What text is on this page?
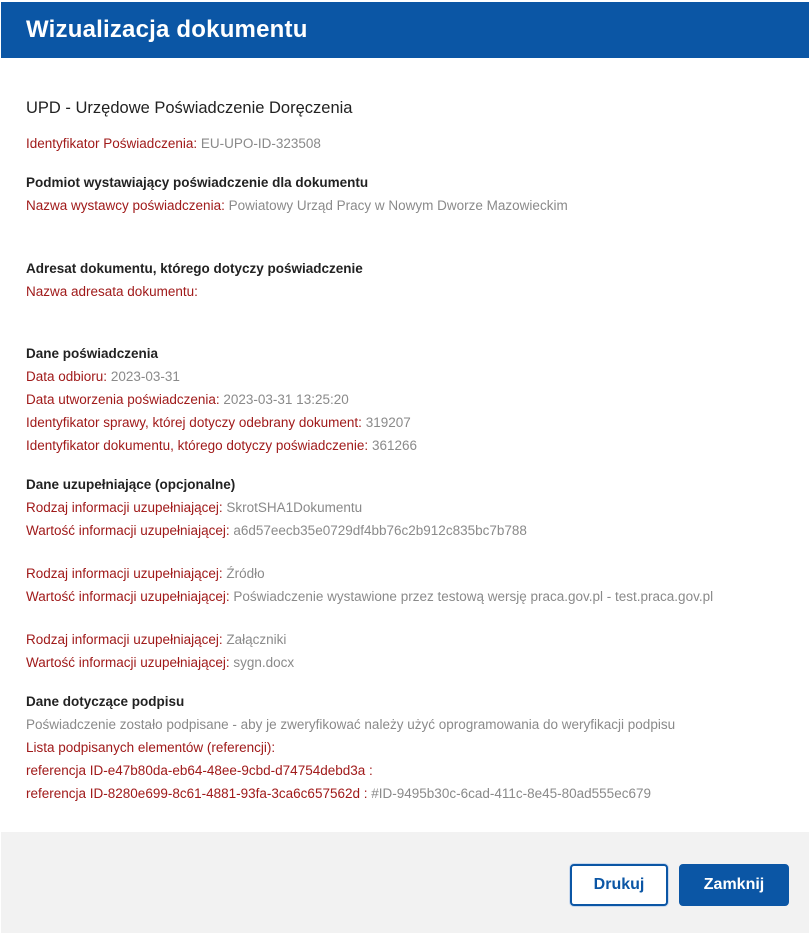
Wizualizacja dokumentu
UPD - Urzędowe Poświadczenie Doręczenia
Identyfikator Poświadczenia: EU-UPO-ID-323508
Podmiot wystawiający poświadczenie dla dokumentu
Nazwa wystawcy poświadczenia: Powiatowy Urząd Pracy w Nowym Dworze Mazowieckim
Adresat dokumentu, którego dotyczy poświadczenie
Nazwa adresata dokumentu:
Dane poświadczenia
Data odbioru: 2023-03-31
Data utworzenia poświadczenia: 2023-03-31 13:25:20
Identyfikator sprawy, której dotyczy odebrany dokument: 319207
Identyfikator dokumentu, którego dotyczy poświadczenie: 361266
Dane uzupełniające (opcjonalne)
Rodzaj informacji uzupełniającej: SkrotSHA1Dokumentu
Wartość informacji uzupełniającej: a6d57eecb35e0729df4bb76c2b912c835bc7b788
Rodzaj informacji uzupełniającej: Źródło
Wartość informacji uzupełniającej: Poświadczenie wystawione przez testową wersję praca.gov.pl - test.praca.gov.pl
Rodzaj informacji uzupełniającej: Załączniki
Wartość informacji uzupełniającej: sygn.docx
Dane dotyczące podpisu
Poświadczenie zostało podpisane - aby je zweryfikować należy użyć oprogramowania do weryfikacji podpisu
Lista podpisanych elementów (referencji):
referencja ID-e47b80da-eb64-48ee-9cbd-d74754debd3a :
referencja ID-8280e699-8c61-4881-93fa-3ca6c657562d : #ID-9495b30c-6cad-411c-8e45-80ad555ec679
Drukuj	Zamknij
